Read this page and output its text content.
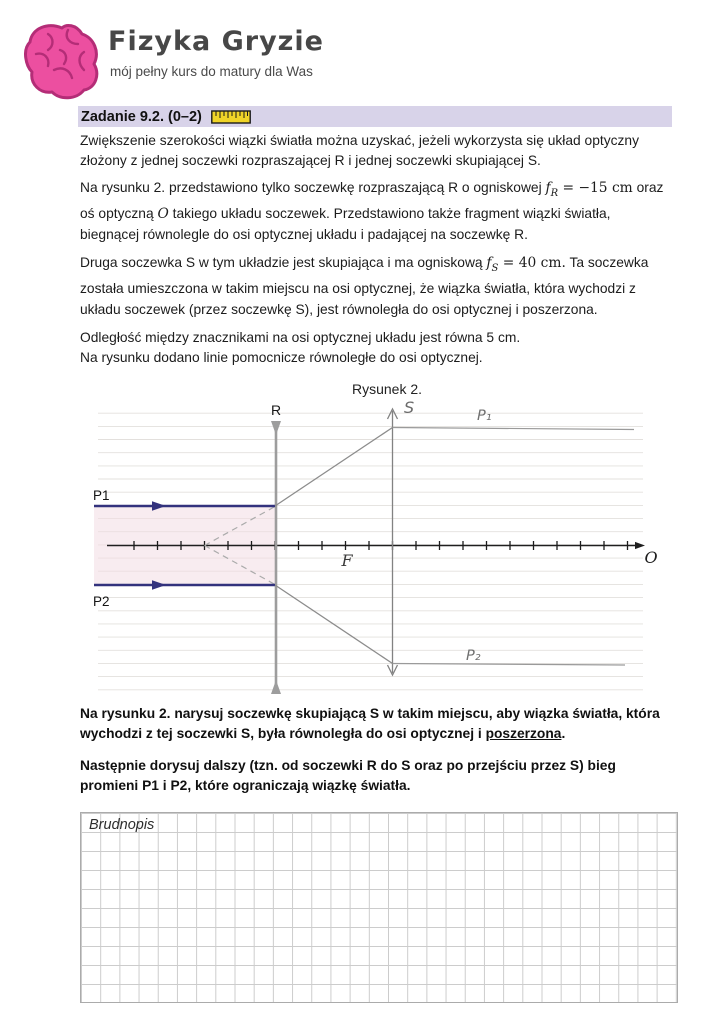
Fizyka Gryzie
mój pełny kurs do matury dla Was
Zadanie 9.2. (0–2)
Zwiększenie szerokości wiązki światła można uzyskać, jeżeli wykorzysta się układ optyczny złożony z jednej soczewki rozpraszającej R i jednej soczewki skupiającej S.
Na rysunku 2. przedstawiono tylko soczewkę rozpraszającą R o ogniskowej $f_R = -15$ cm oraz oś optyczną O takiego układu soczewek. Przedstawiono także fragment wiązki światła, biegnącej równolegle do osi optycznej układu i padającej na soczewkę R.
Druga soczewka S w tym układzie jest skupiająca i ma ogniskową $f_S = 40$ cm. Ta soczewka została umieszczona w takim miejscu na osi optycznej, że wiązka światła, która wychodzi z układu soczewek (przez soczewkę S), jest równoległa do osi optycznej i poszerzona.
Odległość między znacznikami na osi optycznej układu jest równa 5 cm.
Na rysunku dodano linie pomocnicze równoległe do osi optycznej.
Rysunek 2.
O
F
R
P1
P2
S	P₁
P₂
Na rysunku 2. narysuj soczewkę skupiającą S w takim miejscu, aby wiązka światła, która wychodzi z tej soczewki S, była równoległa do osi optycznej i poszerzona.
Następnie dorysuj dalszy (tzn. od soczewki R do S oraz po przejściu przez S) bieg promieni P1 i P2, które ograniczają wiązkę światła.
Brudnopis
